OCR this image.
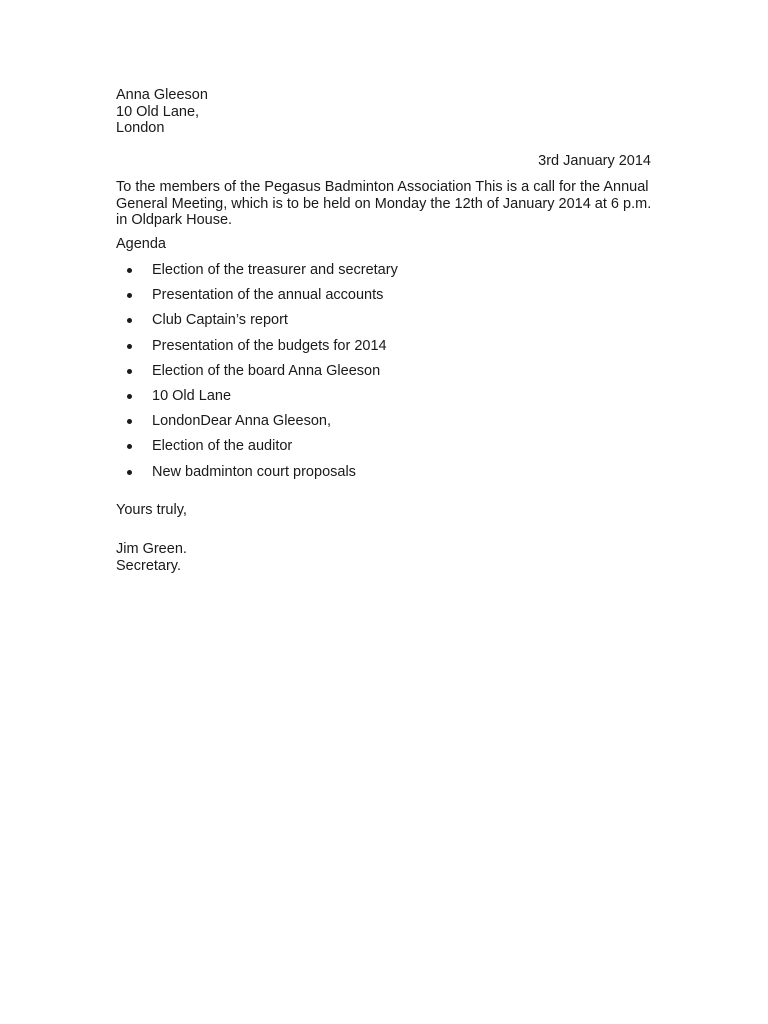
Anna Gleeson
10 Old Lane,
London
3rd January 2014
To the members of the Pegasus Badminton Association This is a call for the Annual General Meeting, which is to be held on Monday the 12th of January 2014 at 6 p.m. in Oldpark House.
Agenda
Election of the treasurer and secretary
Presentation of the annual accounts
Club Captain’s report
Presentation of the budgets for 2014
Election of the board Anna Gleeson
10 Old Lane
LondonDear Anna Gleeson,
Election of the auditor
New badminton court proposals
Yours truly,
Jim Green.
Secretary.
